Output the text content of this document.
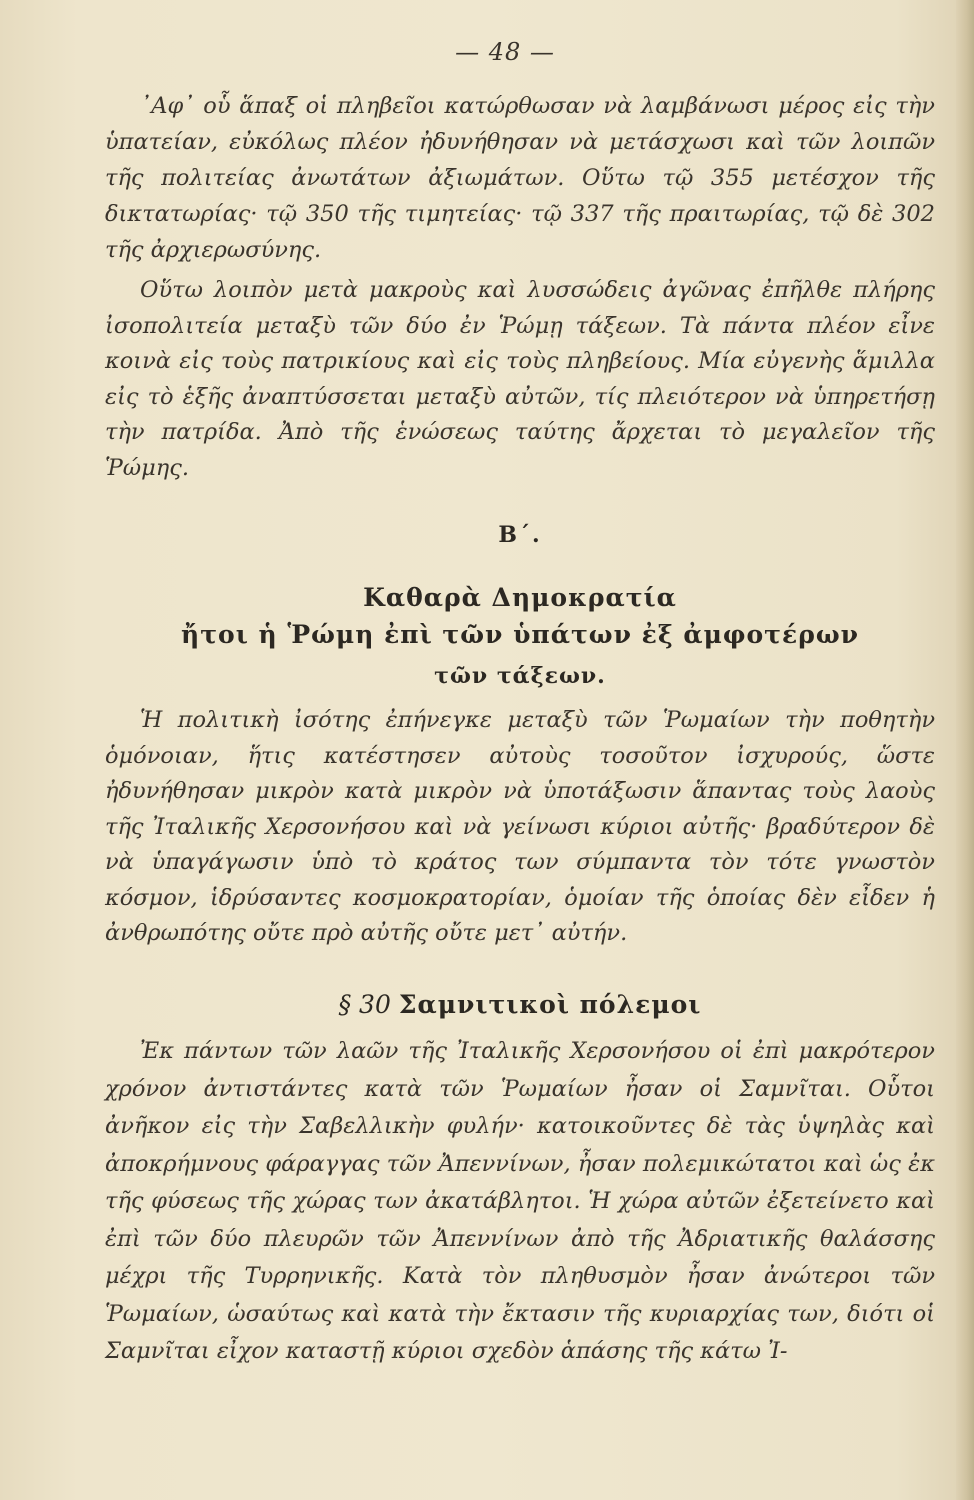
— 48 —

᾿Αφ᾿ οὗ ἅπαξ οἱ πληβεῖοι κατώρθωσαν νὰ λαμβάνωσι μέρος εἰς τὴν ὑπατείαν, εὐκόλως πλέον ἠδυνήθησαν νὰ μετάσχωσι καὶ τῶν λοιπῶν τῆς πολιτείας ἀνωτάτων ἀξιωμάτων. Οὕτω τῷ 355 μετέσχον τῆς δικτατωρίας· τῷ 350 τῆς τιμητείας· τῷ 337 τῆς πραιτωρίας, τῷ δὲ 302 τῆς ἀρχιερωσύνης.

Οὕτω λοιπὸν μετὰ μακροὺς καὶ λυσσώδεις ἀγῶνας ἐπῆλθε πλήρης ἰσοπολιτεία μεταξὺ τῶν δύο ἐν Ῥώμῃ τάξεων. Τὰ πάντα πλέον εἶνε κοινὰ εἰς τοὺς πατρικίους καὶ εἰς τοὺς πληβείους. Μία εὐγενὴς ἅμιλλα εἰς τὸ ἑξῆς ἀναπτύσσεται μεταξὺ αὐτῶν, τίς πλειότερον νὰ ὑπηρετήσῃ τὴν πατρίδα. Ἀπὸ τῆς ἑνώσεως ταύτης ἄρχεται τὸ μεγαλεῖον τῆς Ῥώμης.

Β΄.
Καθαρὰ Δημοκρατία
ἤτοι ἡ Ῥώμη ἐπὶ τῶν ὑπάτων ἐξ ἀμφοτέρων
τῶν τάξεων.

Ἡ πολιτικὴ ἰσότης ἐπήνεγκε μεταξὺ τῶν Ῥωμαίων τὴν ποθητὴν ὁμόνοιαν, ἥτις κατέστησεν αὐτοὺς τοσοῦτον ἰσχυρούς, ὥστε ἠδυνήθησαν μικρὸν κατὰ μικρὸν νὰ ὑποτάξωσιν ἅπαντας τοὺς λαοὺς τῆς Ἰταλικῆς Χερσονήσου καὶ νὰ γείνωσι κύριοι αὐτῆς· βραδύτερον δὲ νὰ ὑπαγάγωσιν ὑπὸ τὸ κράτος των σύμπαντα τὸν τότε γνωστὸν κόσμον, ἱδρύσαντες κοσμοκρατορίαν, ὁμοίαν τῆς ὁποίας δὲν εἶδεν ἡ ἀνθρωπότης οὔτε πρὸ αὐτῆς οὔτε μετ᾿ αὐτήν.

§ 30 Σαμνιτικοὶ πόλεμοι

Ἐκ πάντων τῶν λαῶν τῆς Ἰταλικῆς Χερσονήσου οἱ ἐπὶ μακρότερον χρόνον ἀντιστάντες κατὰ τῶν Ῥωμαίων ἦσαν οἱ Σαμνῖται. Οὗτοι ἀνῆκον εἰς τὴν Σαβελλικὴν φυλήν· κατοικοῦντες δὲ τὰς ὑψηλὰς καὶ ἀποκρήμνους φάραγγας τῶν Ἀπεννίνων, ἦσαν πολεμικώτατοι καὶ ὡς ἐκ τῆς φύσεως τῆς χώρας των ἀκατάβλητοι. Ἡ χώρα αὐτῶν ἐξετείνετο καὶ ἐπὶ τῶν δύο πλευρῶν τῶν Ἀπεννίνων ἀπὸ τῆς Ἀδριατικῆς θαλάσσης μέχρι τῆς Τυρρηνικῆς. Κατὰ τὸν πληθυσμὸν ἦσαν ἀνώτεροι τῶν Ῥωμαίων, ὡσαύτως καὶ κατὰ τὴν ἔκτασιν τῆς κυριαρχίας των, διότι οἱ Σαμνῖται εἶχον καταστῇ κύριοι σχεδὸν ἁπάσης τῆς κάτω Ἰ-
